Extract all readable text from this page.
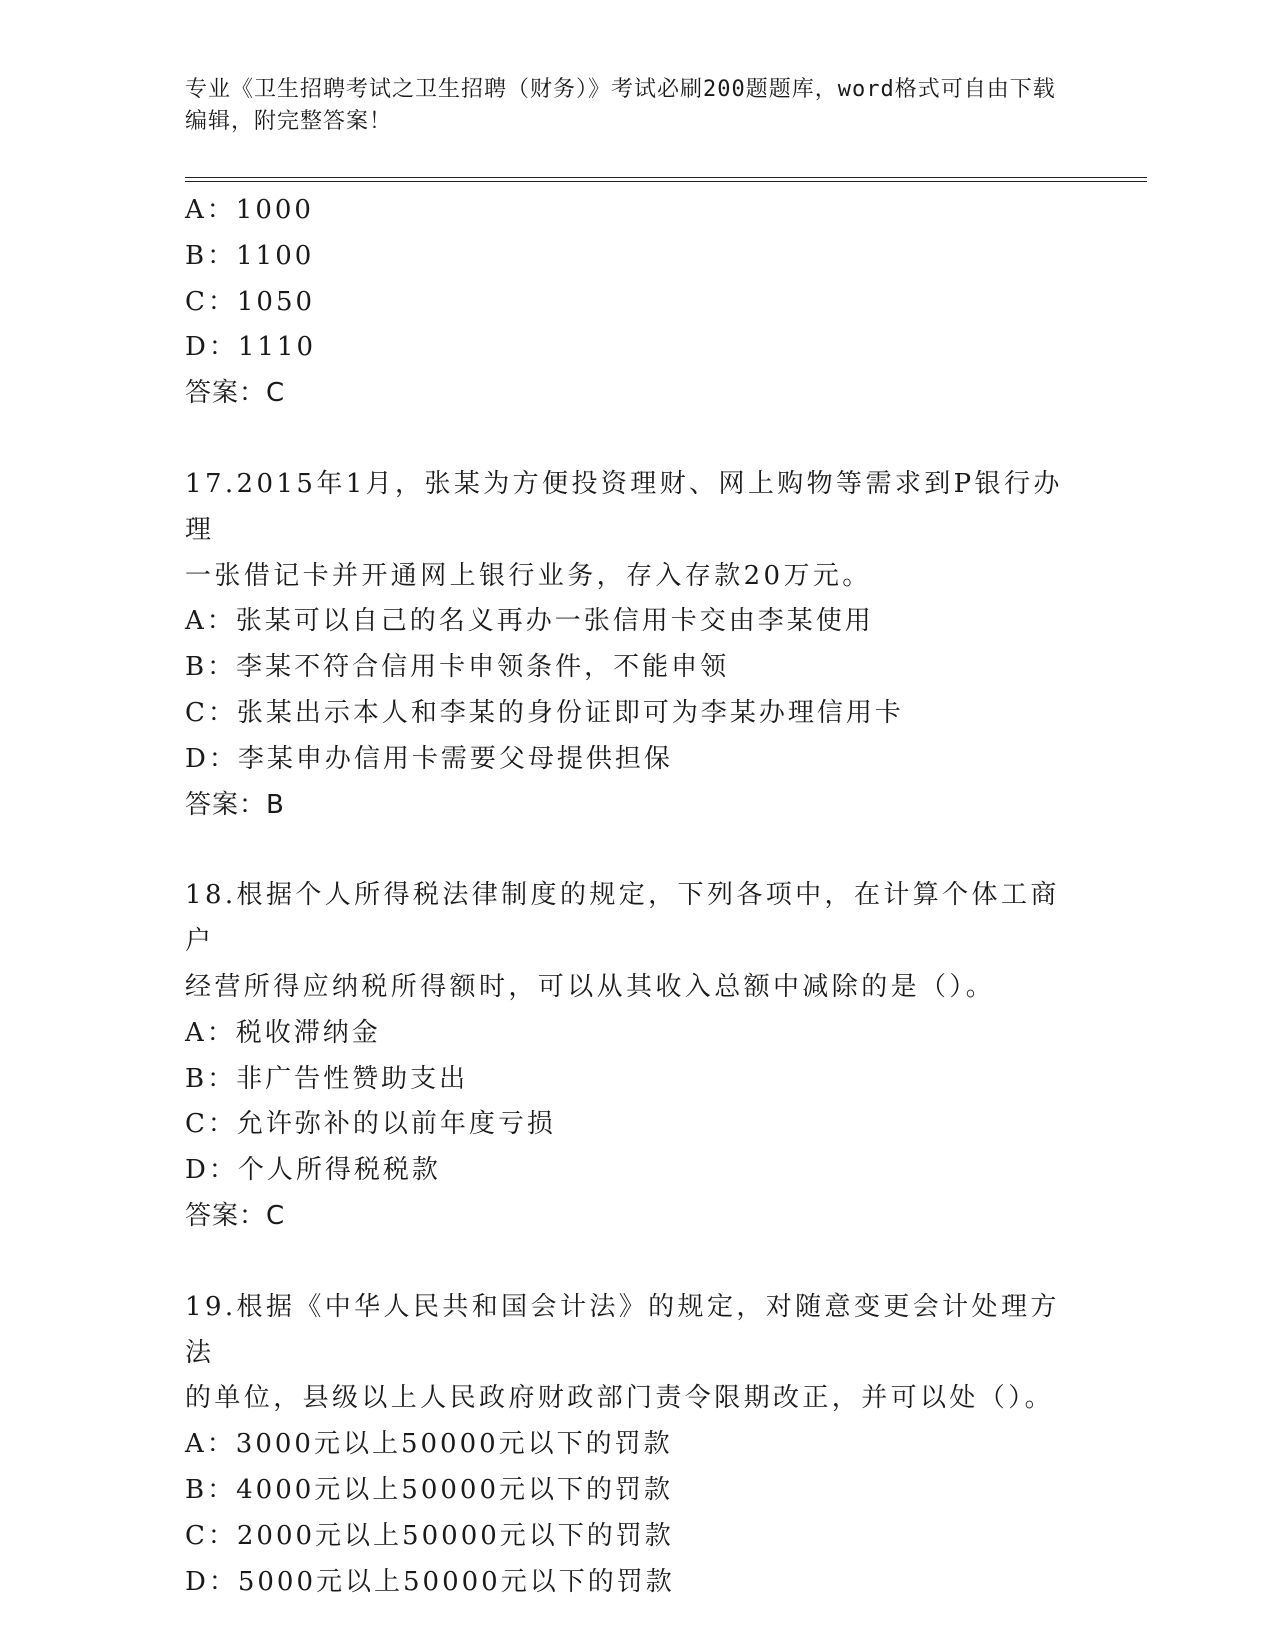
专业《卫生招聘考试之卫生招聘（财务）》考试必刷200题题库，word格式可自由下载编辑，附完整答案！
A：1000
B：1100
C：1050
D：1110
答案：C
17.2015年1月，张某为方便投资理财、网上购物等需求到P银行办理
一张借记卡并开通网上银行业务，存入存款20万元。
A：张某可以自己的名义再办一张信用卡交由李某使用
B：李某不符合信用卡申领条件，不能申领
C：张某出示本人和李某的身份证即可为李某办理信用卡
D：李某申办信用卡需要父母提供担保
答案：B
18.根据个人所得税法律制度的规定，下列各项中，在计算个体工商户
经营所得应纳税所得额时，可以从其收入总额中减除的是（）。
A：税收滞纳金
B：非广告性赞助支出
C：允许弥补的以前年度亏损
D：个人所得税税款
答案：C
19.根据《中华人民共和国会计法》的规定，对随意变更会计处理方法
的单位，县级以上人民政府财政部门责令限期改正，并可以处（）。
A：3000元以上50000元以下的罚款
B：4000元以上50000元以下的罚款
C：2000元以上50000元以下的罚款
D：5000元以上50000元以下的罚款
